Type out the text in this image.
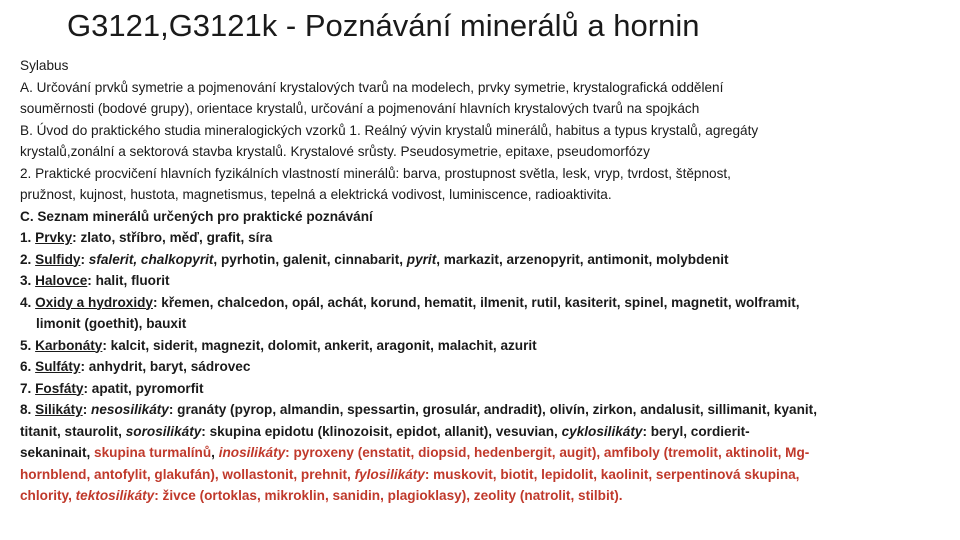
G3121,G3121k - Poznávání minerálů a hornin
Sylabus
A. Určování prvků symetrie a pojmenování krystalových tvarů na modelech, prvky symetrie, krystalografická oddělení
souměrnosti (bodové grupy), orientace krystalů, určování a pojmenování hlavních krystalových tvarů na spojkách
B. Úvod do praktického studia mineralogických vzorků 1. Reálný vývin krystalů minerálů, habitus a typus krystalů, agregáty
krystalů,zonální a sektorová stavba krystalů. Krystalové srůsty. Pseudosymetrie, epitaxe, pseudomorfózy
2. Praktické procvičení hlavních fyzikálních vlastností minerálů: barva, prostupnost světla, lesk, vryp, tvrdost, štěpnost,
pružnost, kujnost, hustota, magnetismus, tepelná a elektrická vodivost, luminiscence, radioaktivita.
C. Seznam minerálů určených pro praktické poznávání
1. Prvky: zlato, stříbro, měď, grafit, síra
2. Sulfidy: sfalerit, chalkopyrit, pyrhotin, galenit, cinnabarit, pyrit, markazit, arzenopyrit, antimonit, molybdenit
3. Halovce: halit, fluorit
4. Oxidy a hydroxidy: křemen, chalcedon, opál, achát, korund, hematit, ilmenit, rutil, kasiterit, spinel, magnetit, wolframit,
limonit (goethit), bauxit
5. Karbonáty: kalcit, siderit, magnezit, dolomit, ankerit, aragonit, malachit, azurit
6. Sulfáty: anhydrit, baryt, sádrovec
7. Fosfáty: apatit, pyromorfit
8. Silikáty: nesosilikáty: granáty (pyrop, almandin, spessartin, grosulár, andradit), olivín, zirkon, andalusit, sillimanit, kyanit,
titanit, staurolit, sorosilikáty: skupina epidotu (klinozoisit, epidot, allanit), vesuvian, cyklosilikáty: beryl, cordierit-
sekaninait, skupina turmalínů, inosilikáty: pyroxeny (enstatit, diopsid, hedenbergit, augit), amfiboly (tremolit, aktinolit, Mg-
hornblend, antofylit, glakufán), wollastonit, prehnit, fylosilikáty: muskovit, biotit, lepidolit, kaolinit, serpentinová skupina,
chlority, tektosilikáty: živce (ortoklas, mikroklin, sanidin, plagioklasy), zeolity (natrolit, stilbit).
